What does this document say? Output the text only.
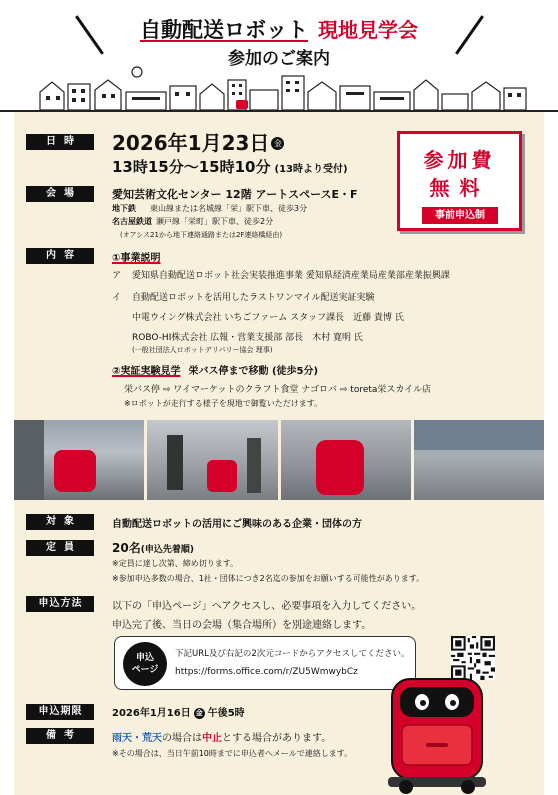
自動配送ロボット 現地見学会
参加のご案内
日時	2026年1月23日 金
13時15分～15時10分 (13時より受付)	参加費
無料
事前申込制
会場	愛知芸術文化センター 12階 アートスペースE・F
地下鉄 東山線または名城線「栄」駅下車、徒歩3分
名古屋鉄道 瀬戸線「栄町」駅下車、徒歩2分
(オアシス21から地下連絡通路または2F連絡橋経由)
内容	①事業説明
ア 愛知県自動配送ロボット社会実装推進事業 愛知県経済産業局産業部産業振興課
イ 自動配送ロボットを活用したラストワンマイル配送実証実験
中電ウイング株式会社 いちごファーム スタッフ課長　近藤 貴博 氏
ROBO-HI株式会社 広報・営業支援部 部長　木村 寛明 氏
(一般社団法人ロボットデリバリー協会 理事)
②実証実験見学 栄バス停まで移動 (徒歩5分)
栄バス停 ⇨ ワイマーケットのクラフト食堂 ナゴロバ ⇨ toreta栄スカイル店
※ロボットが走行する様子を現地で御覧いただけます。
対象	自動配送ロボットの活用にご興味のある企業・団体の方
定員	20名(申込先着順)
※定員に達し次第、締め切ります。
※参加申込多数の場合、1社・団体につき2名迄の参加をお願いする可能性があります。
申込方法	以下の「申込ページ」へアクセスし、必要事項を入力してください。
申込完了後、当日の会場（集合場所）を別途連絡します。
申込
ページ
下記URL及び右記の2次元コードからアクセスしてください。
https://forms.office.com/r/ZU5WmwybCz
申込期限	2026年1月16日 金 午後5時
備考	雨天・荒天の場合は中止とする場合があります。
※その場合は、当日午前10時までに申込者へメールで連絡します。
